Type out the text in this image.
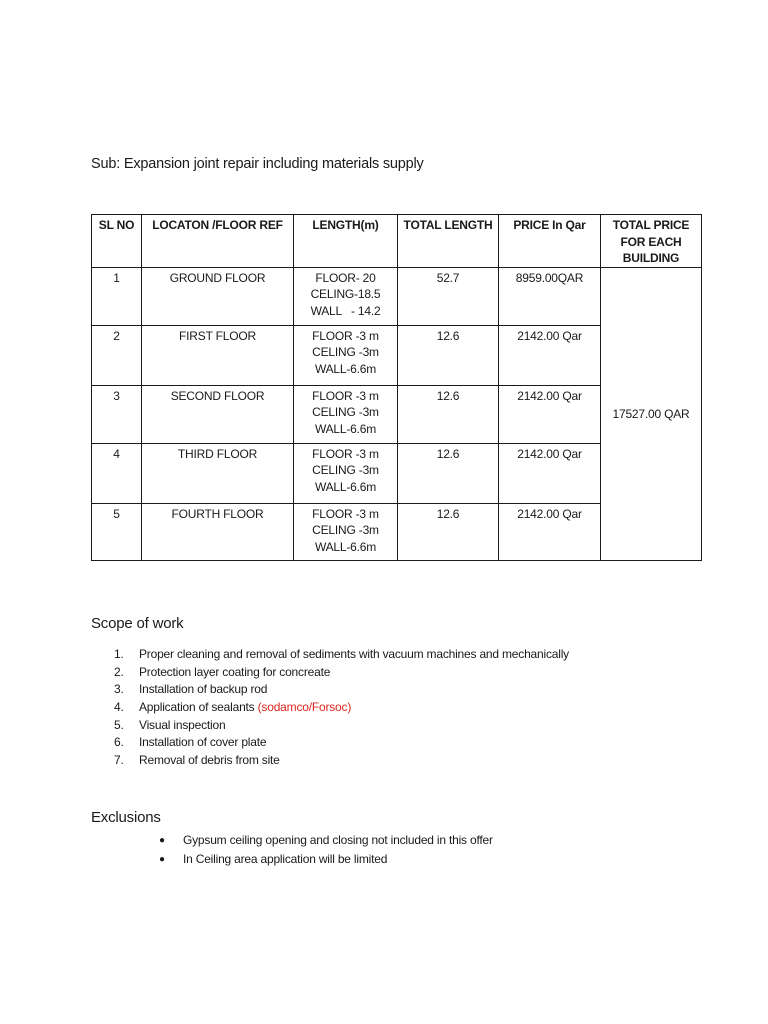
Sub: Expansion joint repair including materials supply

SL NO	LOCATON /FLOOR REF	LENGTH(m)	TOTAL LENGTH	PRICE In Qar	TOTAL PRICE FOR EACH BUILDING
1	GROUND FLOOR	FLOOR- 20
CELING-18.5
WALL   - 14.2	52.7	8959.00QAR	17527.00 QAR
2	FIRST FLOOR	FLOOR -3 m
CELING -3m
WALL-6.6m	12.6	2142.00 Qar	
3	SECOND FLOOR	FLOOR -3 m
CELING -3m
WALL-6.6m	12.6	2142.00 Qar	
4	THIRD FLOOR	FLOOR -3 m
CELING -3m
WALL-6.6m	12.6	2142.00 Qar	
5	FOURTH FLOOR	FLOOR -3 m
CELING -3m
WALL-6.6m	12.6	2142.00 Qar	
Scope of work
1. Proper cleaning and removal of sediments with vacuum machines and mechanically
2. Protection layer coating for concreate
3. Installation of backup rod
4. Application of sealants (sodamco/Forsoc)
5. Visual inspection
6. Installation of cover plate
7. Removal of debris from site
Exclusions
● Gypsum ceiling opening and closing not included in this offer
● In Ceiling area application will be limited
